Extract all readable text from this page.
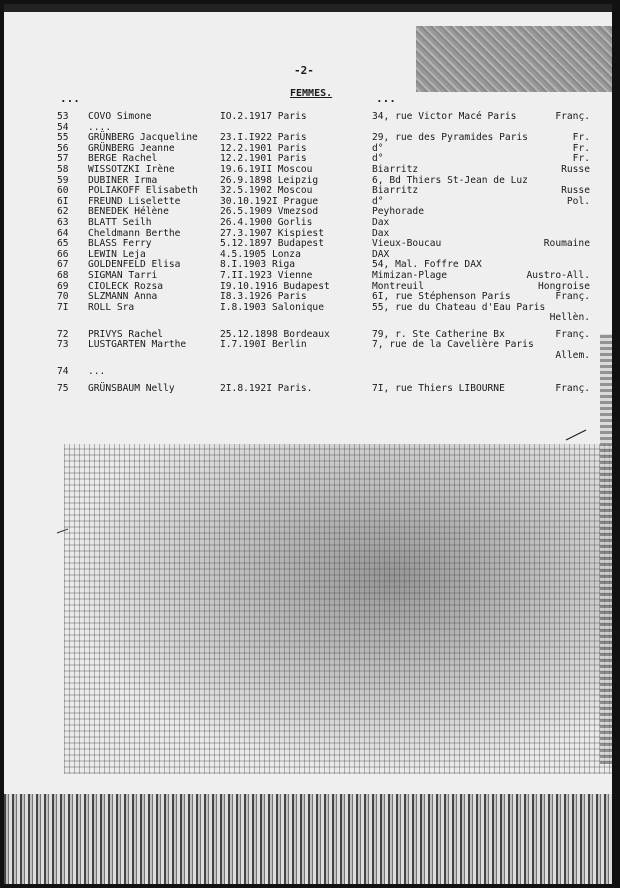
-2-
...	FEMMES.	...
53 COVO Simone	IO.2.1917 Paris	34, rue Victor Macé Paris	Franç.
54 ....
55 GRÜNBERG Jacqueline 23.I.I922 Paris	29, rue des Pyramides Paris	Fr.
56 GRÜNBERG Jeanne	12.2.1901 Paris	d°	Fr.
57 BERGE Rachel	12.2.1901 Paris	d°	Fr.
58 WISSOTZKI Irène	19.6.19II Moscou	Biarritz	Russe
59 DUBINER Irma	26.9.1898 Leipzig	6, Bd Thiers St-Jean de Luz
60 POLIAKOFF Elisabeth 32.5.1902 Moscou	Biarritz	Russe
6I FREUND Liselette	30.10.192I Prague	d°	Pol.
62 BENEDEK Hélène	26.5.1909 Vmezsod	Peyhorade
63 BLATT Seilh	26.4.1900 Gorlis	Dax
64 Cheldmann Berthe	27.3.1907 Kispiest	Dax
65 BLASS Ferry	5.12.1897 Budapest	Vieux-Boucau	Roumaine
66 LEWIN Leja	4.5.1905 Lonza	DAX
67 GOLDENFELD Elisa	8.I.1903 Riga	54, Mal. Foffre DAX
68 SIGMAN Tarri	7.II.1923 Vienne	Mimizan-Plage	Austro-All.
69 CIOLECK Rozsa	I9.10.1916 Budapest	Montreuil	Hongroise
70 SLZMANN Anna	I8.3.1926 Paris	6I, rue Stéphenson Paris	Franç.
7I ROLL Sra	I.8.1903 Salonique	55, rue du Chateau d'Eau Paris
Hellèn.
72 PRIVYS Rachel	25.12.1898 Bordeaux	79, r. Ste Catherine Bx	Franç.
73 LUSTGARTEN Marthe	I.7.190I Berlin	7, rue de la Cavelière Paris
Allem.
74 ...
75 GRÜNSBAUM Nelly	2I.8.192I Paris.	7I, rue Thiers LIBOURNE	Franç.
